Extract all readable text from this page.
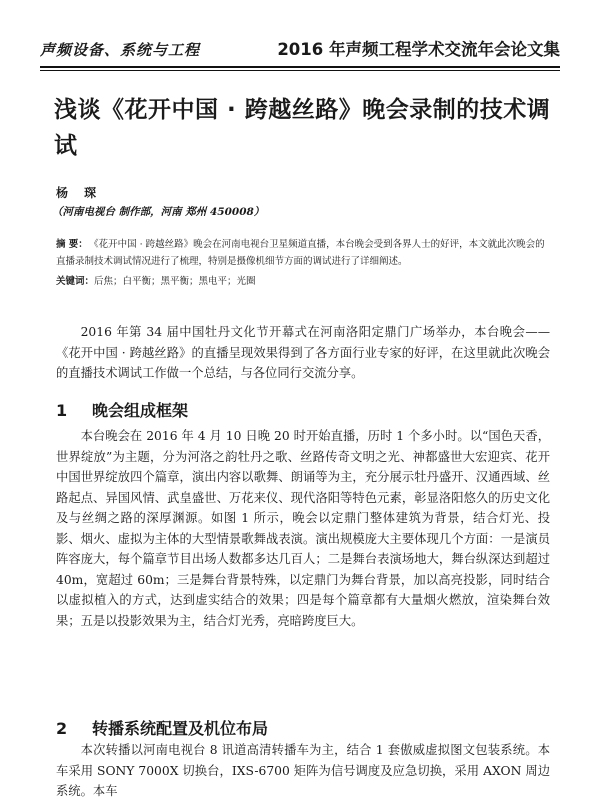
声频设备、系统与工程	2016 年声频工程学术交流年会论文集
浅谈《花开中国 · 跨越丝路》晚会录制的技术调试
杨 琛
（河南电视台 制作部，河南 郑州 450008）
摘 要： 《花开中国 · 跨越丝路》晚会在河南电视台卫星频道直播，本台晚会受到各界人士的好评，本文就此次晚会的直播录制技术调试情况进行了梳理，特别是摄像机细节方面的调试进行了详细阐述。
关键词：后焦；白平衡；黑平衡；黑电平；光圈
2016 年第 34 届中国牡丹文化节开幕式在河南洛阳定鼎门广场举办，本台晚会——《花开中国 · 跨越丝路》的直播呈现效果得到了各方面行业专家的好评，在这里就此次晚会的直播技术调试工作做一个总结，与各位同行交流分享。
1 晚会组成框架
本台晚会在 2016 年 4 月 10 日晚 20 时开始直播，历时 1 个多小时。以“国色天香，世界绽放”为主题，分为河洛之韵牡丹之歌、丝路传奇文明之光、神都盛世大宏迎宾、花开中国世界绽放四个篇章，演出内容以歌舞、朗诵等为主，充分展示牡丹盛开、汉通西域、丝路起点、异国风情、武皇盛世、万花来仪、现代洛阳等特色元素，彰显洛阳悠久的历史文化及与丝绸之路的深厚渊源。如图 1 所示，晚会以定鼎门整体建筑为背景，结合灯光、投影、烟火、虚拟为主体的大型情景歌舞战表演。演出规模庞大主要体现几个方面：一是演员阵容庞大，每个篇章节目出场人数都多达几百人；二是舞台表演场地大，舞台纵深达到超过 40m，宽超过 60m；三是舞台背景特殊，以定鼎门为舞台背景，加以高亮投影，同时结合以虚拟植入的方式，达到虚实结合的效果；四是每个篇章都有大量烟火燃放，渲染舞台效果；五是以投影效果为主，结合灯光秀，亮暗跨度巨大。
2 转播系统配置及机位布局
本次转播以河南电视台 8 讯道高清转播车为主，结合 1 套傲威虚拟图文包装系统。本车采用 SONY 7000X 切换台，IXS-6700 矩阵为信号调度及应急切换，采用 AXON 周边系统。本车
